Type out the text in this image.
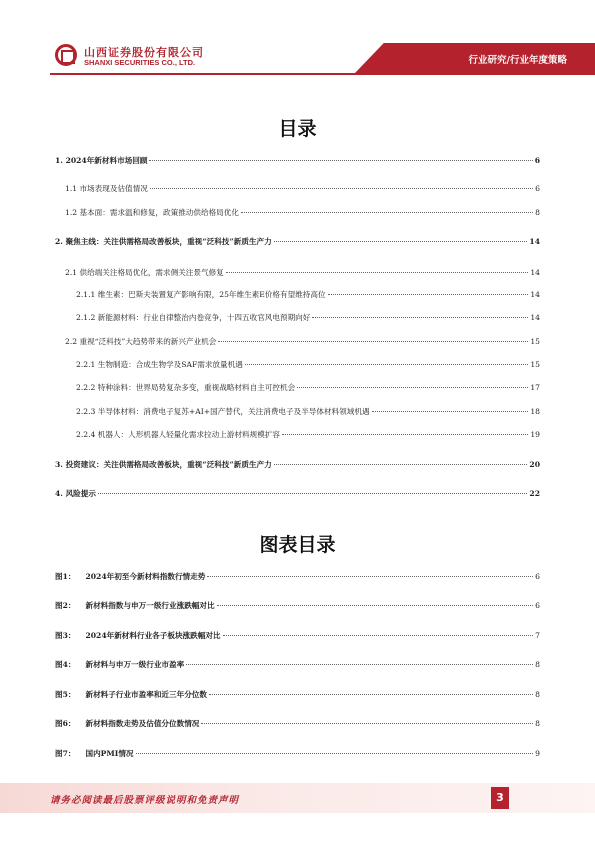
山西证券股份有限公司
SHANXI SECURITIES CO., LTD.	行业研究/行业年度策略
目录
1. 2024年新材料市场回顾	6
1.1 市场表现及估值情况	6
1.2 基本面：需求温和修复，政策推动供给格局优化	8
2. 聚焦主线：关注供需格局改善板块，重视“泛科技”新质生产力	14
2.1 供给端关注格局优化，需求侧关注景气修复	14
2.1.1 维生素：巴斯夫装置复产影响有限，25年维生素E价格有望维持高位	14
2.1.2 新能源材料：行业自律整治内卷竞争，十四五收官风电预期向好	14
2.2 重视“泛科技”大趋势带来的新兴产业机会	15
2.2.1 生物制造：合成生物学及SAF需求放量机遇	15
2.2.2 特种涂料：世界局势复杂多变，重视战略材料自主可控机会	17
2.2.3 半导体材料：消费电子复苏+AI+国产替代，关注消费电子及半导体材料领域机遇	18
2.2.4 机器人：人形机器人轻量化需求拉动上游材料规模扩容	19
3. 投资建议：关注供需格局改善板块，重视“泛科技”新质生产力	20
4. 风险提示	22
图表目录
图1： 2024年初至今新材料指数行情走势	6
图2： 新材料指数与申万一级行业涨跌幅对比	6
图3： 2024年新材料行业各子板块涨跌幅对比	7
图4： 新材料与申万一级行业市盈率	8
图5： 新材料子行业市盈率和近三年分位数	8
图6： 新材料指数走势及估值分位数情况	8
图7： 国内PMI情况	9
请务必阅读最后股票评级说明和免责声明	3
